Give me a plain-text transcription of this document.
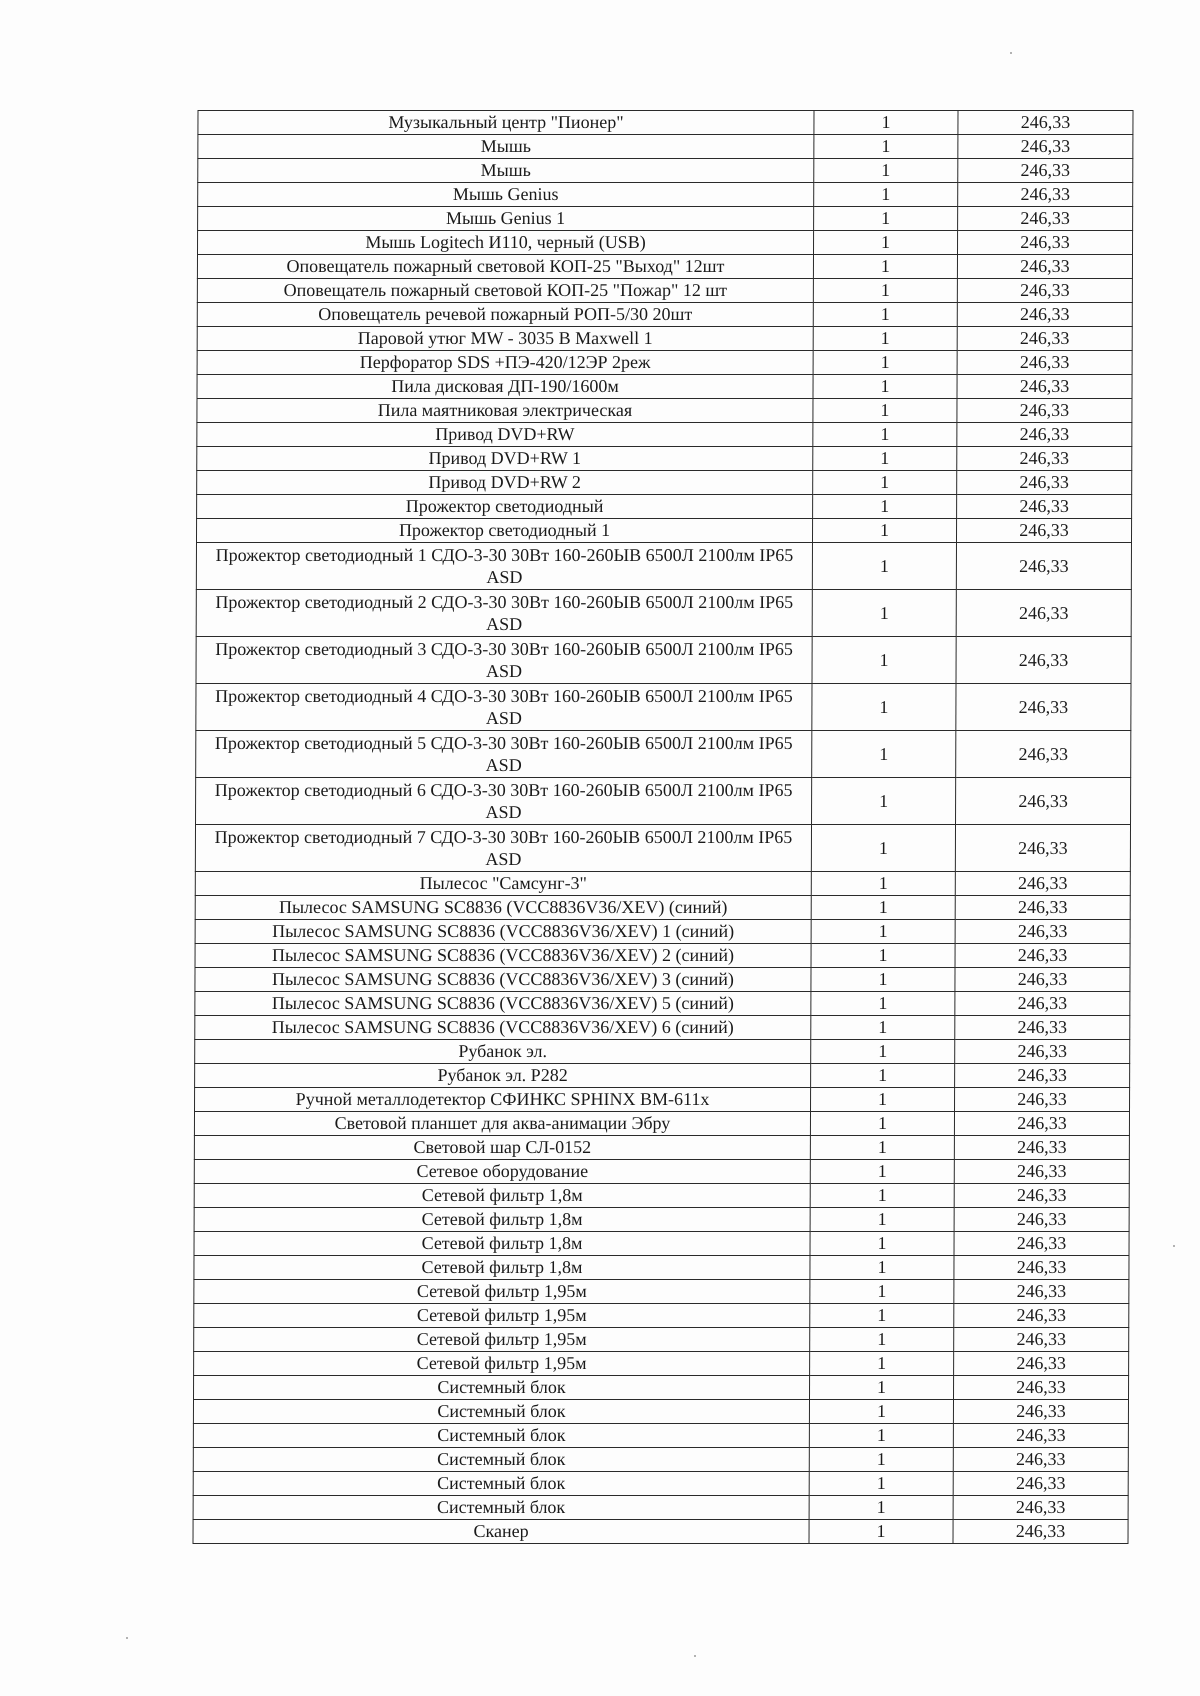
Музыкальный центр "Пионер"	1	246,33
Мышь	1	246,33
Мышь	1	246,33
Мышь Genius	1	246,33
Мышь Genius 1	1	246,33
Мышь Logitech И110, черный (USB)	1	246,33
Оповещатель пожарный световой КОП-25 "Выход" 12шт	1	246,33
Оповещатель пожарный световой КОП-25 "Пожар" 12 шт	1	246,33
Оповещатель речевой пожарный РОП-5/30 20шт	1	246,33
Паровой утюг MW - 3035 B Maxwell 1	1	246,33
Перфоратор SDS +ПЭ-420/12ЭР 2реж	1	246,33
Пила дисковая ДП-190/1600м	1	246,33
Пила маятниковая электрическая	1	246,33
Привод DVD+RW	1	246,33
Привод DVD+RW 1	1	246,33
Привод DVD+RW 2	1	246,33
Прожектор светодиодный	1	246,33
Прожектор светодиодный 1	1	246,33
Прожектор светодиодный 1 СДО-3-30 30Вт 160-260ЫВ 6500Л 2100лм IP65 ASD	1	246,33
Прожектор светодиодный 2 СДО-3-30 30Вт 160-260ЫВ 6500Л 2100лм IP65 ASD	1	246,33
Прожектор светодиодный 3 СДО-3-30 30Вт 160-260ЫВ 6500Л 2100лм IP65 ASD	1	246,33
Прожектор светодиодный 4 СДО-3-30 30Вт 160-260ЫВ 6500Л 2100лм IP65 ASD	1	246,33
Прожектор светодиодный 5 СДО-3-30 30Вт 160-260ЫВ 6500Л 2100лм IP65 ASD	1	246,33
Прожектор светодиодный 6 СДО-3-30 30Вт 160-260ЫВ 6500Л 2100лм IP65 ASD	1	246,33
Прожектор светодиодный 7 СДО-3-30 30Вт 160-260ЫВ 6500Л 2100лм IP65 ASD	1	246,33
Пылесос "Самсунг-3"	1	246,33
Пылесос SAMSUNG SC8836 (VCC8836V36/XEV) (синий)	1	246,33
Пылесос SAMSUNG SC8836 (VCC8836V36/XEV) 1 (синий)	1	246,33
Пылесос SAMSUNG SC8836 (VCC8836V36/XEV) 2 (синий)	1	246,33
Пылесос SAMSUNG SC8836 (VCC8836V36/XEV) 3 (синий)	1	246,33
Пылесос SAMSUNG SC8836 (VCC8836V36/XEV) 5 (синий)	1	246,33
Пылесос SAMSUNG SC8836 (VCC8836V36/XEV) 6 (синий)	1	246,33
Рубанок эл.	1	246,33
Рубанок эл. Р282	1	246,33
Ручной металлодетектор СФИНКС SPHINX ВМ-611х	1	246,33
Световой планшет для аква-анимации Эбру	1	246,33
Световой шар СЛ-0152	1	246,33
Сетевое оборудование	1	246,33
Сетевой фильтр 1,8м	1	246,33
Сетевой фильтр 1,8м	1	246,33
Сетевой фильтр 1,8м	1	246,33
Сетевой фильтр 1,8м	1	246,33
Сетевой фильтр 1,95м	1	246,33
Сетевой фильтр 1,95м	1	246,33
Сетевой фильтр 1,95м	1	246,33
Сетевой фильтр 1,95м	1	246,33
Системный блок	1	246,33
Системный блок	1	246,33
Системный блок	1	246,33
Системный блок	1	246,33
Системный блок	1	246,33
Системный блок	1	246,33
Сканер	1	246,33
